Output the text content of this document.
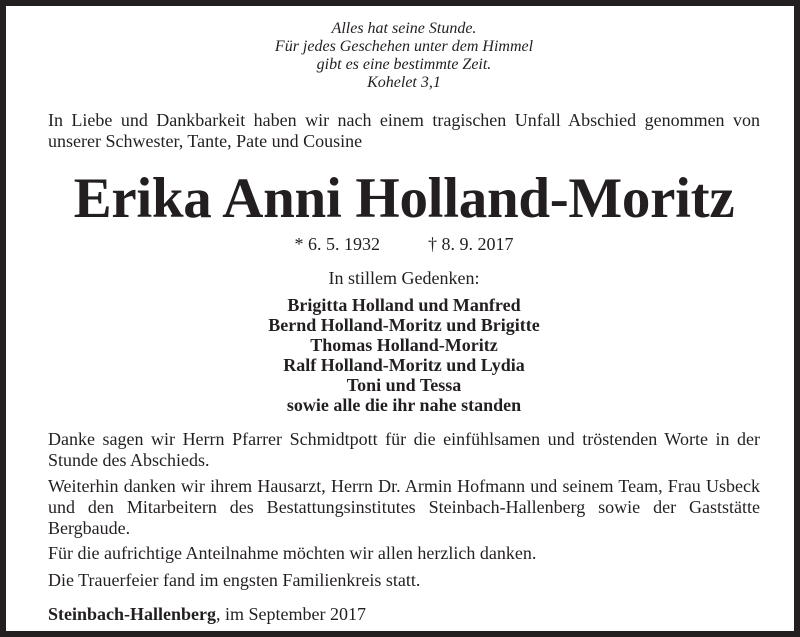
Alles hat seine Stunde.
Für jedes Geschehen unter dem Himmel
gibt es eine bestimmte Zeit.
Kohelet 3,1
In Liebe und Dankbarkeit haben wir nach einem tragischen Unfall Abschied genommen von unserer Schwester, Tante, Pate und Cousine
Erika Anni Holland-Moritz
* 6. 5. 1932	† 8. 9. 2017
In stillem Gedenken:
Brigitta Holland und Manfred
Bernd Holland-Moritz und Brigitte
Thomas Holland-Moritz
Ralf Holland-Moritz und Lydia
Toni und Tessa
sowie alle die ihr nahe standen
Danke sagen wir Herrn Pfarrer Schmidtpott für die einfühlsamen und tröstenden Worte in der Stunde des Abschieds.
Weiterhin danken wir ihrem Hausarzt, Herrn Dr. Armin Hofmann und seinem Team, Frau Usbeck und den Mitarbeitern des Bestattungsinstitutes Steinbach-Hallenberg sowie der Gaststätte Bergbaude.
Für die aufrichtige Anteilnahme möchten wir allen herzlich danken.
Die Trauerfeier fand im engsten Familienkreis statt.
Steinbach-Hallenberg, im September 2017
